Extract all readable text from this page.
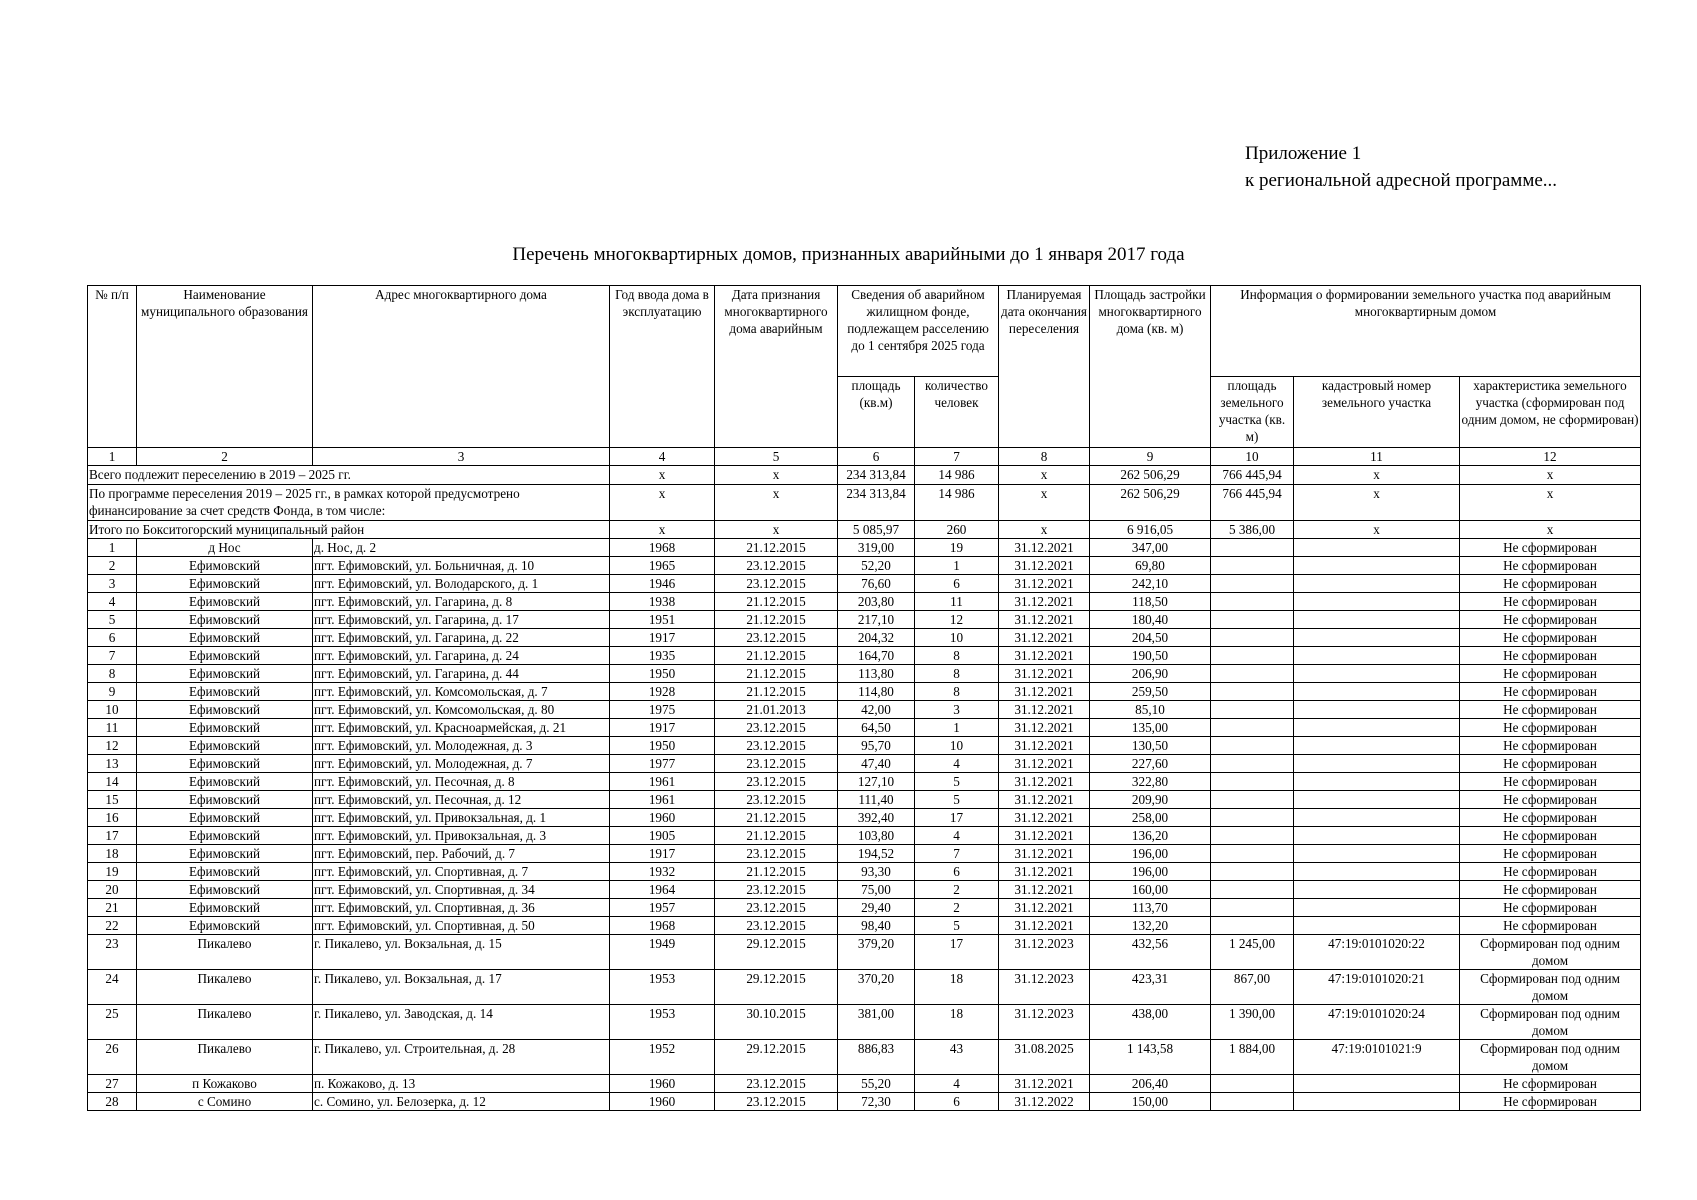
Приложение 1
к региональной адресной программе...
Перечень многоквартирных домов, признанных аварийными до 1 января 2017 года
№ п/п	Наименование муниципального образования	Адрес многоквартирного дома	Год ввода дома в эксплуатацию	Дата признания многоквартирного дома аварийным	Сведения об аварийном жилищном фонде, подлежащем расселению до 1 сентября 2025 года		Планируемая дата окончания переселения	Площадь застройки многоквартирного дома (кв. м)	Информация о формировании земельного участка под аварийным многоквартирным домом		
					площадь (кв.м)	количество человек			площадь земельного участка (кв. м)	кадастровый номер земельного участка	характеристика земельного участка (сформирован под одним домом, не сформирован)
1	2	3	4	5	6	7	8	9	10	11	12
Всего подлежит переселению в 2019 – 2025 гг.			х	х	234 313,84	14 986	х	262 506,29	766 445,94	х	х
По программе переселения 2019 – 2025 гг., в рамках которой предусмотрено финансирование за счет средств Фонда, в том числе:			х	х	234 313,84	14 986	х	262 506,29	766 445,94	х	х
Итого по Бокситогорский муниципальный район			х	х	5 085,97	260	х	6 916,05	5 386,00	х	х
1	д Нос	д. Нос, д. 2	1968	21.12.2015	319,00	19	31.12.2021	347,00			Не сформирован
2	Ефимовский	пгт. Ефимовский, ул. Больничная, д. 10	1965	23.12.2015	52,20	1	31.12.2021	69,80			Не сформирован
3	Ефимовский	пгт. Ефимовский, ул. Володарского, д. 1	1946	23.12.2015	76,60	6	31.12.2021	242,10			Не сформирован
4	Ефимовский	пгт. Ефимовский, ул. Гагарина, д. 8	1938	21.12.2015	203,80	11	31.12.2021	118,50			Не сформирован
5	Ефимовский	пгт. Ефимовский, ул. Гагарина, д. 17	1951	21.12.2015	217,10	12	31.12.2021	180,40			Не сформирован
6	Ефимовский	пгт. Ефимовский, ул. Гагарина, д. 22	1917	23.12.2015	204,32	10	31.12.2021	204,50			Не сформирован
7	Ефимовский	пгт. Ефимовский, ул. Гагарина, д. 24	1935	21.12.2015	164,70	8	31.12.2021	190,50			Не сформирован
8	Ефимовский	пгт. Ефимовский, ул. Гагарина, д. 44	1950	21.12.2015	113,80	8	31.12.2021	206,90			Не сформирован
9	Ефимовский	пгт. Ефимовский, ул. Комсомольская, д. 7	1928	21.12.2015	114,80	8	31.12.2021	259,50			Не сформирован
10	Ефимовский	пгт. Ефимовский, ул. Комсомольская, д. 80	1975	21.01.2013	42,00	3	31.12.2021	85,10			Не сформирован
11	Ефимовский	пгт. Ефимовский, ул. Красноармейская, д. 21	1917	23.12.2015	64,50	1	31.12.2021	135,00			Не сформирован
12	Ефимовский	пгт. Ефимовский, ул. Молодежная, д. 3	1950	23.12.2015	95,70	10	31.12.2021	130,50			Не сформирован
13	Ефимовский	пгт. Ефимовский, ул. Молодежная, д. 7	1977	23.12.2015	47,40	4	31.12.2021	227,60			Не сформирован
14	Ефимовский	пгт. Ефимовский, ул. Песочная, д. 8	1961	23.12.2015	127,10	5	31.12.2021	322,80			Не сформирован
15	Ефимовский	пгт. Ефимовский, ул. Песочная, д. 12	1961	23.12.2015	111,40	5	31.12.2021	209,90			Не сформирован
16	Ефимовский	пгт. Ефимовский, ул. Привокзальная, д. 1	1960	21.12.2015	392,40	17	31.12.2021	258,00			Не сформирован
17	Ефимовский	пгт. Ефимовский, ул. Привокзальная, д. 3	1905	21.12.2015	103,80	4	31.12.2021	136,20			Не сформирован
18	Ефимовский	пгт. Ефимовский, пер. Рабочий, д. 7	1917	23.12.2015	194,52	7	31.12.2021	196,00			Не сформирован
19	Ефимовский	пгт. Ефимовский, ул. Спортивная, д. 7	1932	21.12.2015	93,30	6	31.12.2021	196,00			Не сформирован
20	Ефимовский	пгт. Ефимовский, ул. Спортивная, д. 34	1964	23.12.2015	75,00	2	31.12.2021	160,00			Не сформирован
21	Ефимовский	пгт. Ефимовский, ул. Спортивная, д. 36	1957	23.12.2015	29,40	2	31.12.2021	113,70			Не сформирован
22	Ефимовский	пгт. Ефимовский, ул. Спортивная, д. 50	1968	23.12.2015	98,40	5	31.12.2021	132,20			Не сформирован
23	Пикалево	г. Пикалево, ул. Вокзальная, д. 15	1949	29.12.2015	379,20	17	31.12.2023	432,56	1 245,00	47:19:0101020:22	Сформирован под одним домом
24	Пикалево	г. Пикалево, ул. Вокзальная, д. 17	1953	29.12.2015	370,20	18	31.12.2023	423,31	867,00	47:19:0101020:21	Сформирован под одним домом
25	Пикалево	г. Пикалево, ул. Заводская, д. 14	1953	30.10.2015	381,00	18	31.12.2023	438,00	1 390,00	47:19:0101020:24	Сформирован под одним домом
26	Пикалево	г. Пикалево, ул. Строительная, д. 28	1952	29.12.2015	886,83	43	31.08.2025	1 143,58	1 884,00	47:19:0101021:9	Сформирован под одним домом
27	п Кожаково	п. Кожаково, д. 13	1960	23.12.2015	55,20	4	31.12.2021	206,40			Не сформирован
28	с Сомино	с. Сомино, ул. Белозерка, д. 12	1960	23.12.2015	72,30	6	31.12.2022	150,00			Не сформирован
